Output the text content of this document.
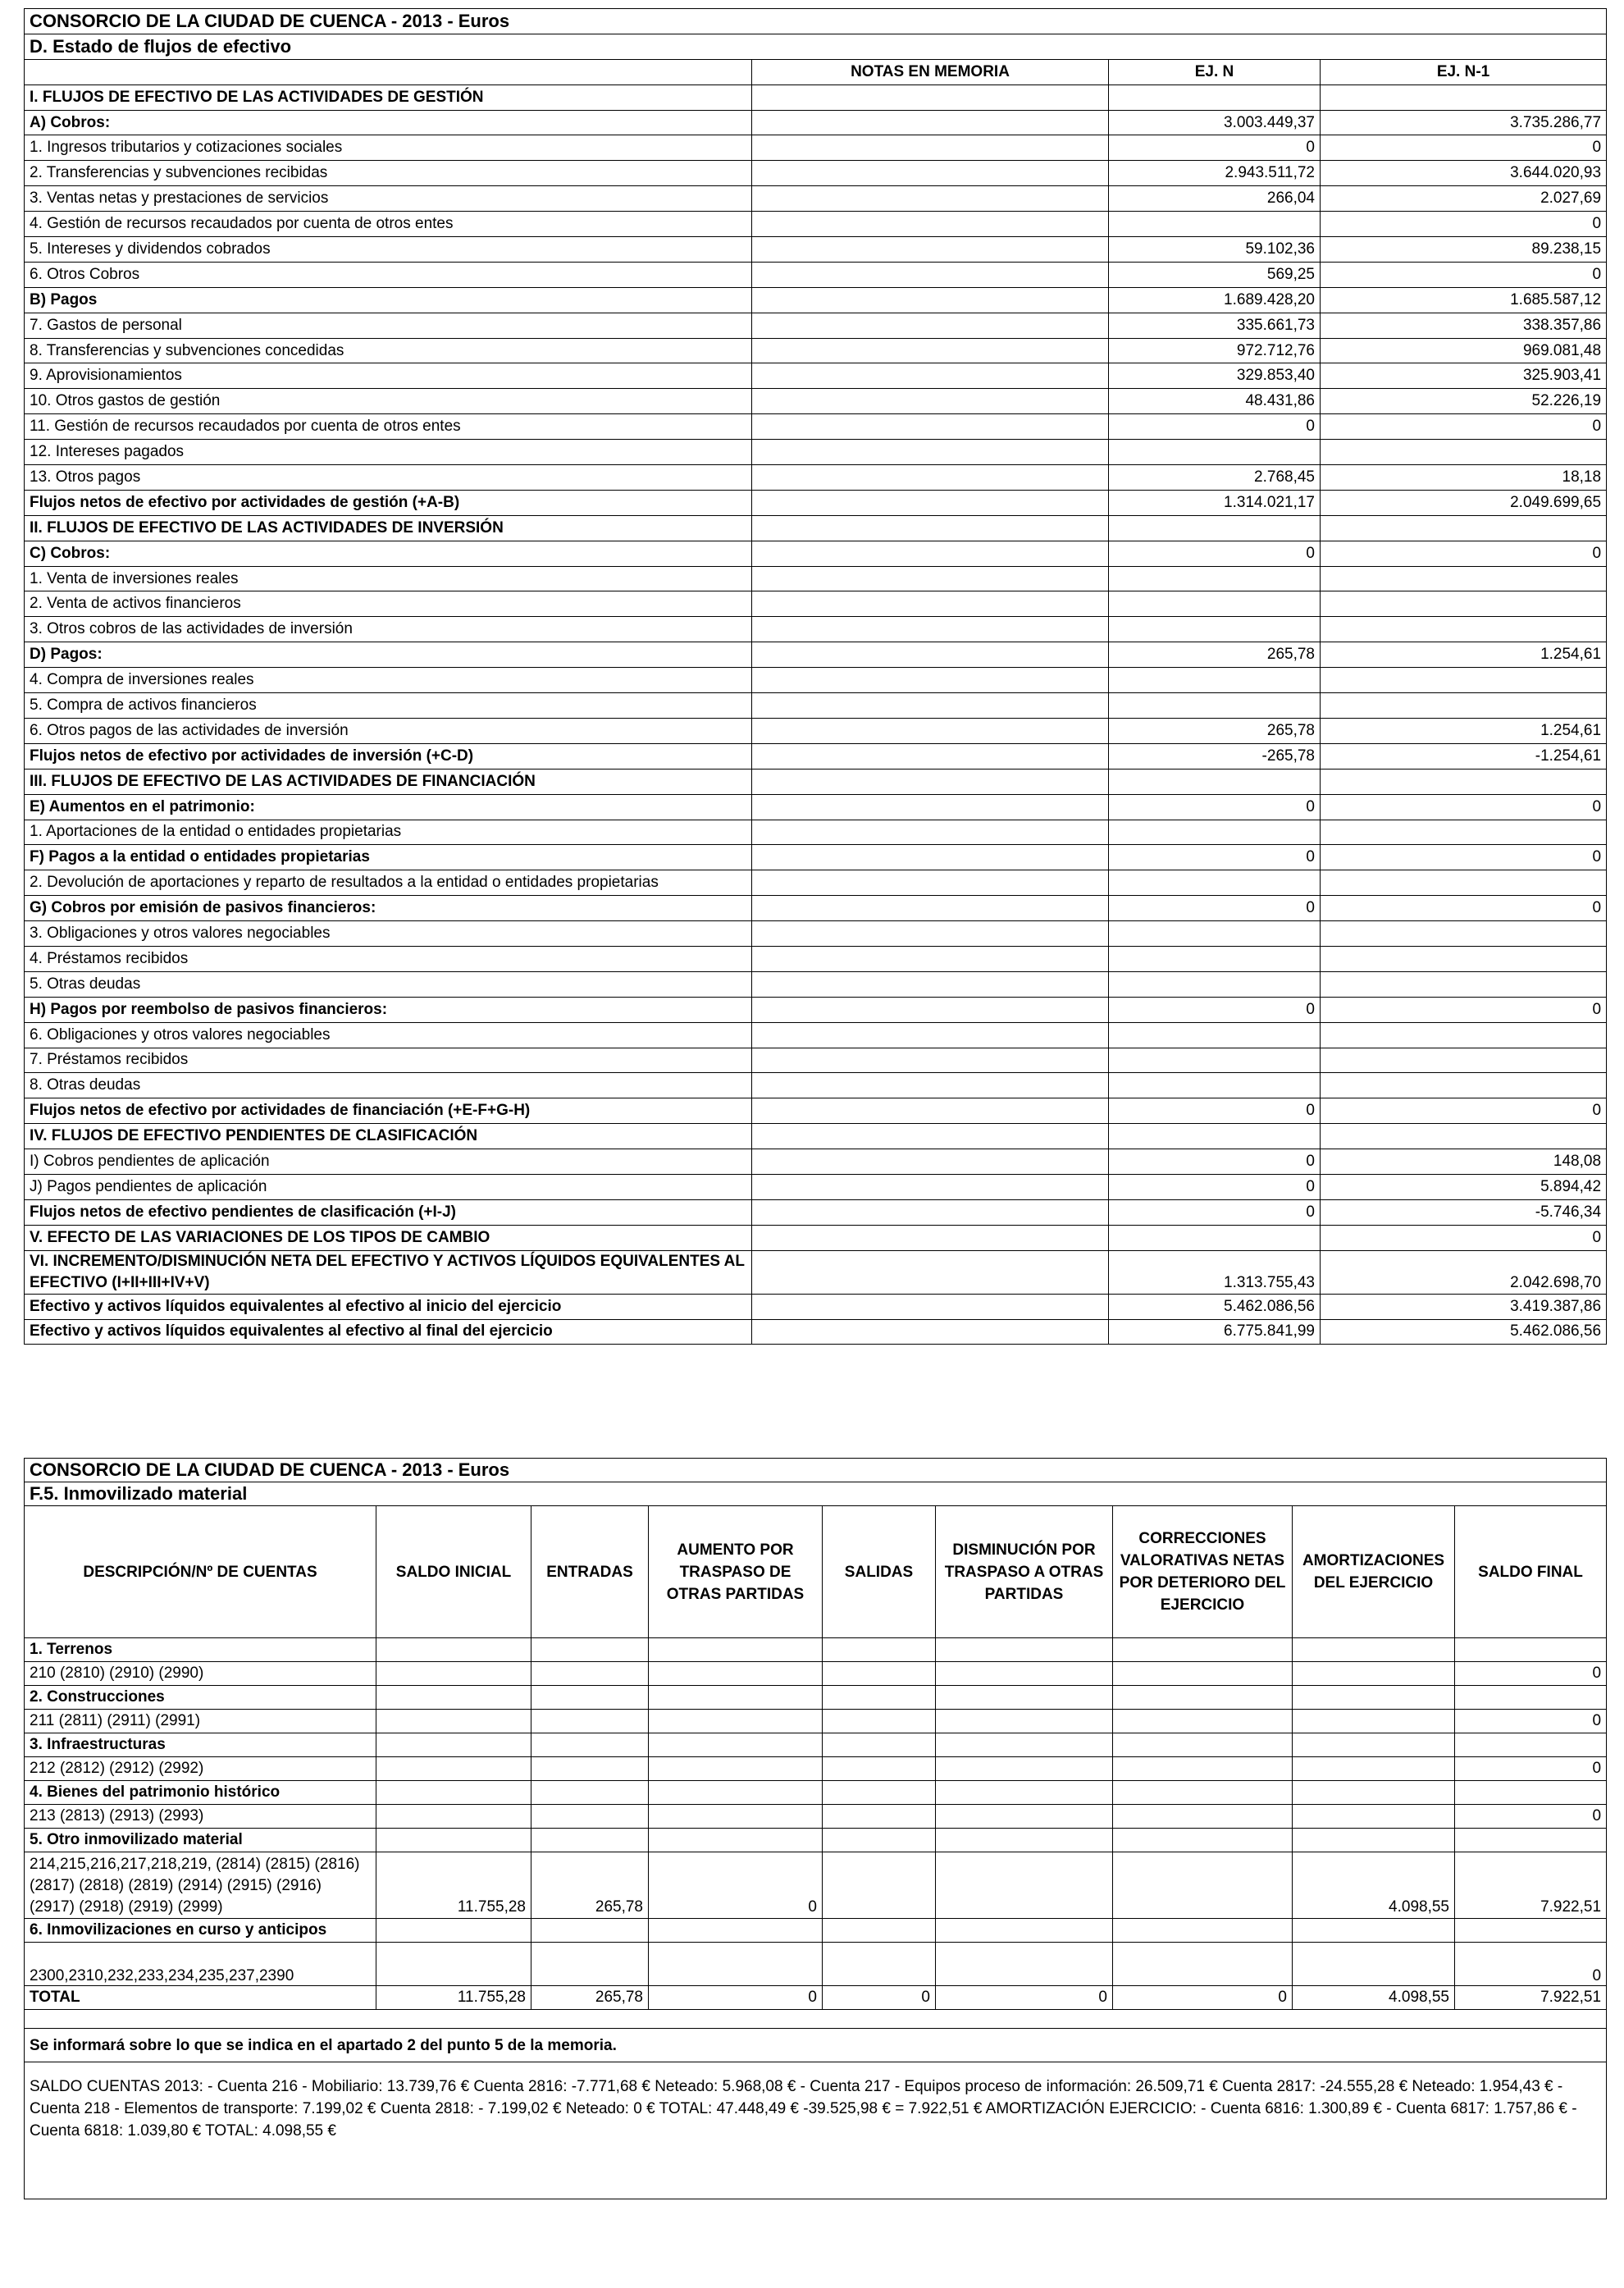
CONSORCIO DE LA CIUDAD DE CUENCA - 2013 - Euros			
D. Estado de flujos de efectivo			
	NOTAS EN MEMORIA	EJ. N	EJ. N-1
I. FLUJOS DE EFECTIVO DE LAS ACTIVIDADES DE GESTIÓN			
A) Cobros:		3.003.449,37	3.735.286,77
1. Ingresos tributarios y cotizaciones sociales		0	0
2. Transferencias y subvenciones recibidas		2.943.511,72	3.644.020,93
3. Ventas netas y prestaciones de servicios		266,04	2.027,69
4. Gestión de recursos recaudados por cuenta de otros entes			0
5. Intereses y dividendos cobrados		59.102,36	89.238,15
6. Otros Cobros		569,25	0
B) Pagos		1.689.428,20	1.685.587,12
7. Gastos de personal		335.661,73	338.357,86
8. Transferencias y subvenciones concedidas		972.712,76	969.081,48
9. Aprovisionamientos		329.853,40	325.903,41
10. Otros gastos de gestión		48.431,86	52.226,19
11. Gestión de recursos recaudados por cuenta de otros entes		0	0
12. Intereses pagados			
13. Otros pagos		2.768,45	18,18
Flujos netos de efectivo por actividades de gestión (+A-B)		1.314.021,17	2.049.699,65
II. FLUJOS DE EFECTIVO DE LAS ACTIVIDADES DE INVERSIÓN			
C) Cobros:		0	0
1. Venta de inversiones reales			
2. Venta de activos financieros			
3. Otros cobros de las actividades de inversión			
D) Pagos:		265,78	1.254,61
4. Compra de inversiones reales			
5. Compra de activos financieros			
6. Otros pagos de las actividades de inversión		265,78	1.254,61
Flujos netos de efectivo por actividades de inversión (+C-D)		-265,78	-1.254,61
III. FLUJOS DE EFECTIVO DE LAS ACTIVIDADES DE FINANCIACIÓN			
E) Aumentos en el patrimonio:		0	0
1. Aportaciones de la entidad o entidades propietarias			
F) Pagos a la entidad o entidades propietarias		0	0
2. Devolución de aportaciones y reparto de resultados a la entidad o entidades propietarias			
G) Cobros por emisión de pasivos financieros:		0	0
3. Obligaciones y otros valores negociables			
4. Préstamos recibidos			
5. Otras deudas			
H) Pagos por reembolso de pasivos financieros:		0	0
6. Obligaciones y otros valores negociables			
7. Préstamos recibidos			
8. Otras deudas			
Flujos netos de efectivo por actividades de financiación (+E-F+G-H)		0	0
IV. FLUJOS DE EFECTIVO PENDIENTES DE CLASIFICACIÓN			
I) Cobros pendientes de aplicación		0	148,08
J) Pagos pendientes de aplicación		0	5.894,42
Flujos netos de efectivo pendientes de clasificación (+I-J)		0	-5.746,34
V. EFECTO DE LAS VARIACIONES DE LOS TIPOS DE CAMBIO			0
VI. INCREMENTO/DISMINUCIÓN NETA DEL EFECTIVO Y ACTIVOS LÍQUIDOS EQUIVALENTES AL EFECTIVO (I+II+III+IV+V)		1.313.755,43	2.042.698,70
Efectivo y activos líquidos equivalentes al efectivo al inicio del ejercicio		5.462.086,56	3.419.387,86
Efectivo y activos líquidos equivalentes al efectivo al final del ejercicio		6.775.841,99	5.462.086,56
CONSORCIO DE LA CIUDAD DE CUENCA - 2013 - Euros								
F.5. Inmovilizado material								
DESCRIPCIÓN/Nº DE CUENTAS	SALDO INICIAL	ENTRADAS	AUMENTO POR TRASPASO DE OTRAS PARTIDAS	SALIDAS	DISMINUCIÓN POR TRASPASO A OTRAS PARTIDAS	CORRECCIONES VALORATIVAS NETAS POR DETERIORO DEL EJERCICIO	AMORTIZACIONES DEL EJERCICIO	SALDO FINAL
1. Terrenos								
210 (2810) (2910) (2990)								0
2. Construcciones								
211 (2811) (2911) (2991)								0
3. Infraestructuras								
212 (2812) (2912) (2992)								0
4. Bienes del patrimonio histórico								
213 (2813) (2913) (2993)								0
5. Otro inmovilizado material								
214,215,216,217,218,219, (2814) (2815) (2816) (2817) (2818) (2819) (2914) (2915) (2916) (2917) (2918) (2919) (2999)	11.755,28	265,78	0				4.098,55	7.922,51
6. Inmovilizaciones en curso y anticipos								
2300,2310,232,233,234,235,237,2390								0
TOTAL	11.755,28	265,78	0	0	0	0	4.098,55	7.922,51

Se informará sobre lo que se indica en el apartado 2 del punto 5 de la memoria.								
SALDO CUENTAS 2013: - Cuenta 216 - Mobiliario: 13.739,76 € Cuenta 2816: -7.771,68 € Neteado: 5.968,08 € - Cuenta 217 - Equipos proceso de información: 26.509,71 € Cuenta 2817: -24.555,28 € Neteado: 1.954,43 € - Cuenta 218 - Elementos de transporte: 7.199,02 € Cuenta 2818: - 7.199,02 € Neteado: 0 € TOTAL: 47.448,49 € -39.525,98 € = 7.922,51 € AMORTIZACIÓN EJERCICIO: - Cuenta 6816: 1.300,89 € - Cuenta 6817: 1.757,86 € - Cuenta 6818: 1.039,80 € TOTAL: 4.098,55 €								
